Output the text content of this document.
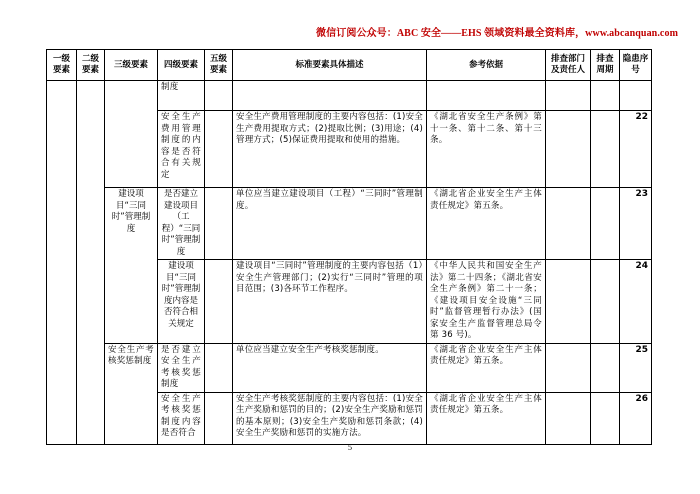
微信订阅公众号：ABC 安全——EHS 领域资料最全资料库，www.abcanquan.com
一级要素	二级要素	三级要素	四级要素	五级要素	标准要素具体描述	参考依据	排查部门及责任人	排查周期	隐患序号
			制度						
			安全生产费用管理制度的内容是否符合有关规定		安全生产费用管理制度的主要内容包括：(1)安全生产费用提取方式；(2)提取比例；(3)用途；(4)管理方式；(5)保证费用提取和使用的措施。	《湖北省安全生产条例》第十一条、第十二条、第十三条。			22
		建设项目“三同时”管理制度	是否建立建设项目（工程）“三同时”管理制度		单位应当建立建设项目（工程）“三同时”管理制度。	《湖北省企业安全生产主体责任规定》第五条。			23
			建设项目“三同时”管理制度内容是否符合相关规定		建设项目“三同时”管理制度的主要内容包括（1）安全生产管理部门；(2)实行“三同时”管理的项目范围；(3)各环节工作程序。	《中华人民共和国安全生产法》第二十四条；《湖北省安全生产条例》第二十一条；《建设项目安全设施“三同时”监督管理暂行办法》(国家安全生产监督管理总局令第 36 号)。			24
		安全生产考核奖惩制度	是否建立安全生产考核奖惩制度		单位应当建立安全生产考核奖惩制度。	《湖北省企业安全生产主体责任规定》第五条。			25
			安全生产考核奖惩制度内容是否符合		安全生产考核奖惩制度的主要内容包括：(1)安全生产奖励和惩罚的目的；(2)安全生产奖励和惩罚的基本原则；(3)安全生产奖励和惩罚条款；(4)安全生产奖励和惩罚的实施方法。	《湖北省企业安全生产主体责任规定》第五条。			26
5
